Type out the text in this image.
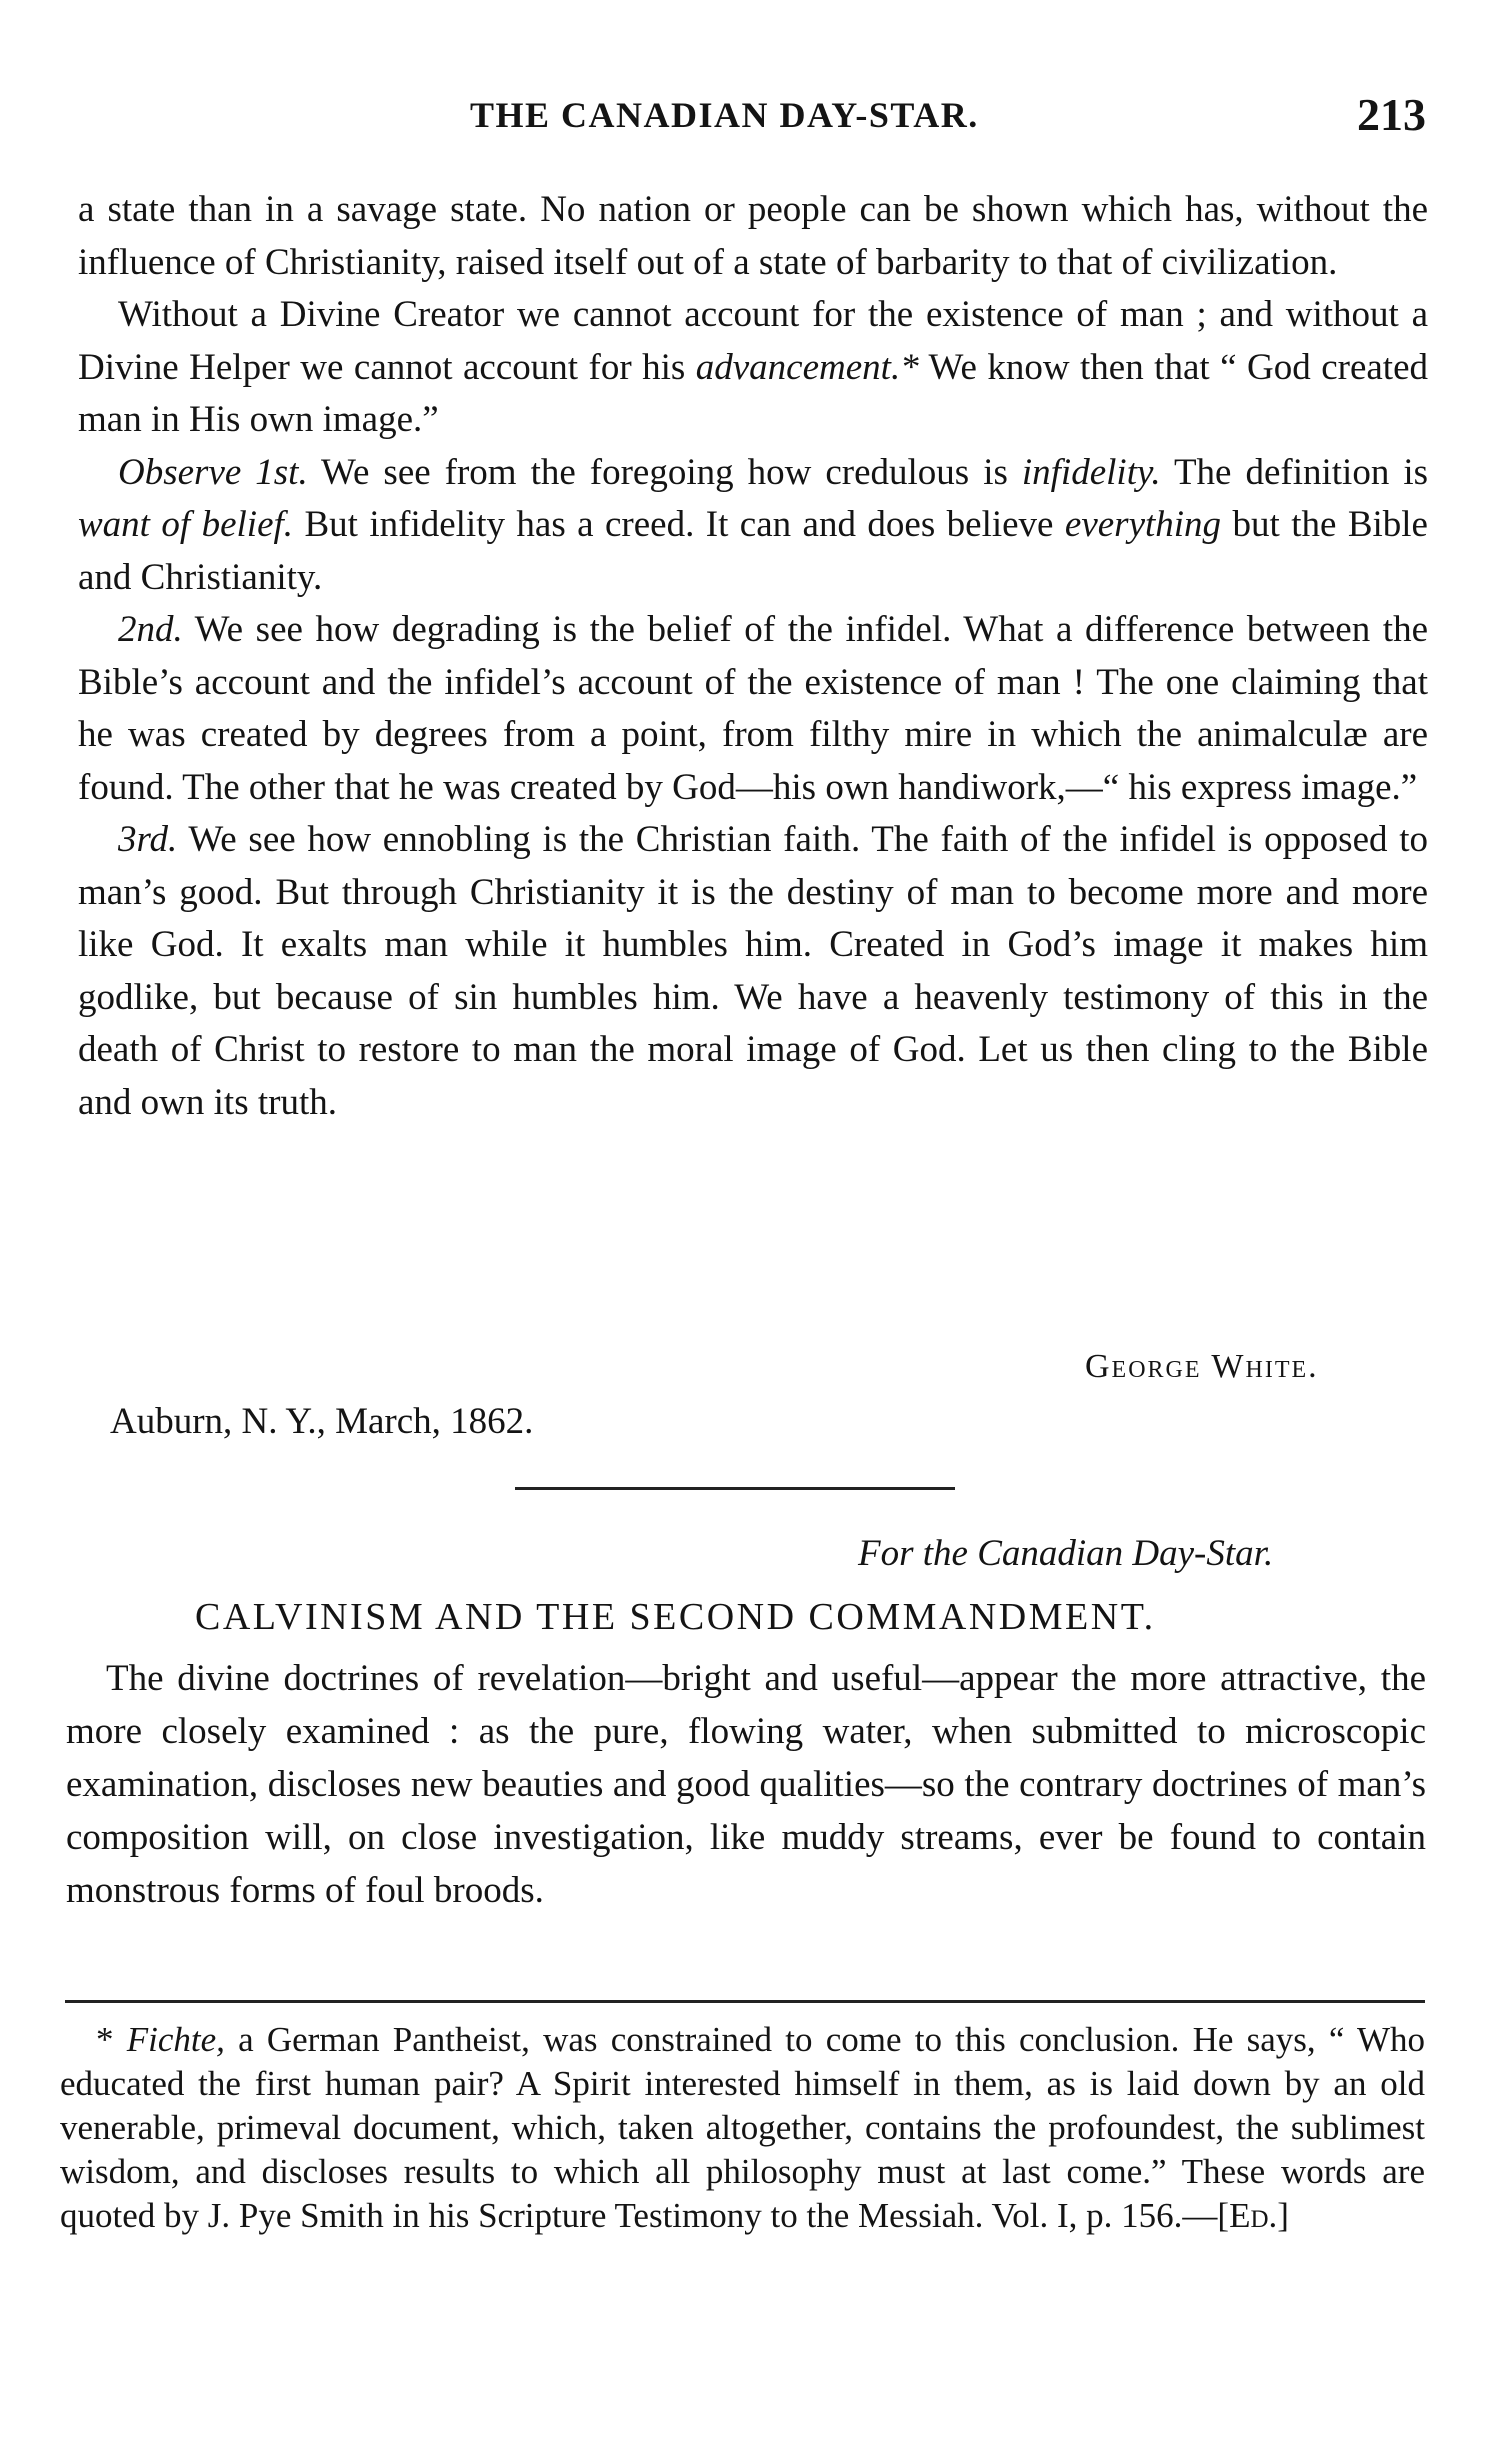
THE CANADIAN DAY-STAR.	213

a state than in a savage state. No nation or people can be shown which has, without the influence of Christianity, raised itself out of a state of barbarity to that of civilization.

Without a Divine Creator we cannot account for the existence of man ; and without a Divine Helper we cannot account for his advancement.* We know then that “ God created man in His own image.”

Observe 1st. We see from the foregoing how credulous is infidelity. The definition is want of belief. But infidelity has a creed. It can and does believe everything but the Bible and Christianity.

2nd. We see how degrading is the belief of the infidel. What a difference between the Bible’s account and the infidel’s account of the existence of man ! The one claiming that he was created by degrees from a point, from filthy mire in which the animalculæ are found. The other that he was created by God—his own handiwork,—“ his express image.”

3rd. We see how ennobling is the Christian faith. The faith of the infidel is opposed to man’s good. But through Christianity it is the destiny of man to become more and more like God. It exalts man while it humbles him. Created in God’s image it makes him godlike, but because of sin humbles him. We have a heavenly testimony of this in the death of Christ to restore to man the moral image of God. Let us then cling to the Bible and own its truth.

George White.
Auburn, N. Y., March, 1862.
For the Canadian Day-Star.
CALVINISM AND THE SECOND COMMANDMENT.

The divine doctrines of revelation—bright and useful—appear the more attractive, the more closely examined : as the pure, flowing water, when submitted to microscopic examination, discloses new beauties and good qualities—so the contrary doctrines of man’s composition will, on close investigation, like muddy streams, ever be found to contain monstrous forms of foul broods.

* Fichte, a German Pantheist, was constrained to come to this conclusion. He says, “ Who educated the first human pair? A Spirit interested himself in them, as is laid down by an old venerable, primeval document, which, taken altogether, contains the profoundest, the sublimest wisdom, and discloses results to which all philosophy must at last come.” These words are quoted by J. Pye Smith in his Scripture Testimony to the Messiah. Vol. I, p. 156.—[Ed.]
